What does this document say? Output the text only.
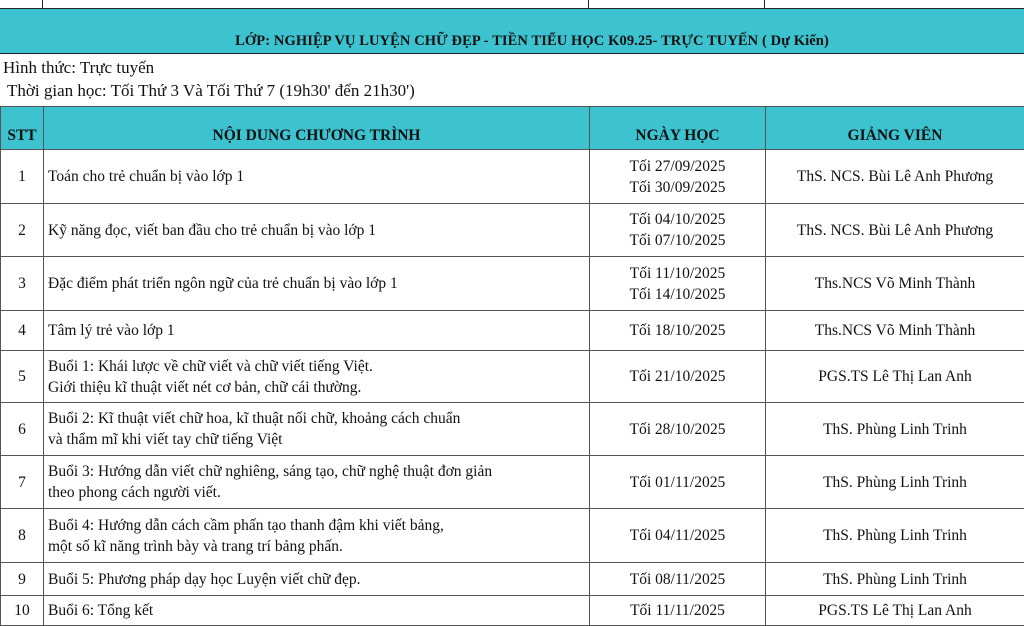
LỚP: NGHIỆP VỤ LUYỆN CHỮ ĐẸP - TIỀN TIỂU HỌC K09.25- TRỰC TUYẾN ( Dự Kiến)
Hình thức: Trực tuyến
Thời gian học: Tối Thứ 3 Và Tối Thứ 7 (19h30' đến 21h30')
STT	NỘI DUNG CHƯƠNG TRÌNH	NGÀY HỌC	GIẢNG VIÊN
1	Toán cho trẻ chuẩn bị vào lớp 1	Tối 27/09/2025
Tối 30/09/2025	ThS. NCS. Bùi Lê Anh Phương
2	Kỹ năng đọc, viết ban đầu cho trẻ chuẩn bị vào lớp 1	Tối 04/10/2025
Tối 07/10/2025	ThS. NCS. Bùi Lê Anh Phương
3	Đặc điểm phát triển ngôn ngữ của trẻ chuẩn bị vào lớp 1	Tối 11/10/2025
Tối 14/10/2025	Ths.NCS Võ Minh Thành
4	Tâm lý trẻ vào lớp 1	Tối 18/10/2025	Ths.NCS Võ Minh Thành
5	Buổi 1: Khái lược về chữ viết và chữ viết tiếng Việt.
Giới thiệu kĩ thuật viết nét cơ bản, chữ cái thường.	Tối 21/10/2025	PGS.TS Lê Thị Lan Anh
6	Buổi 2: Kĩ thuật viết chữ hoa, kĩ thuật nối chữ, khoảng cách chuẩn
và thẩm mĩ khi viết tay chữ tiếng Việt	Tối 28/10/2025	ThS. Phùng Linh Trinh
7	Buổi 3: Hướng dẫn viết chữ nghiêng, sáng tạo, chữ nghệ thuật đơn giản
theo phong cách người viết.	Tối 01/11/2025	ThS. Phùng Linh Trinh
8	Buổi 4: Hướng dẫn cách cầm phấn tạo thanh đậm khi viết bảng,
một số kĩ năng trình bày và trang trí bảng phấn.	Tối 04/11/2025	ThS. Phùng Linh Trinh
9	Buổi 5: Phương pháp dạy học Luyện viết chữ đẹp.	Tối 08/11/2025	ThS. Phùng Linh Trinh
10	Buổi 6: Tổng kết	Tối 11/11/2025	PGS.TS Lê Thị Lan Anh
